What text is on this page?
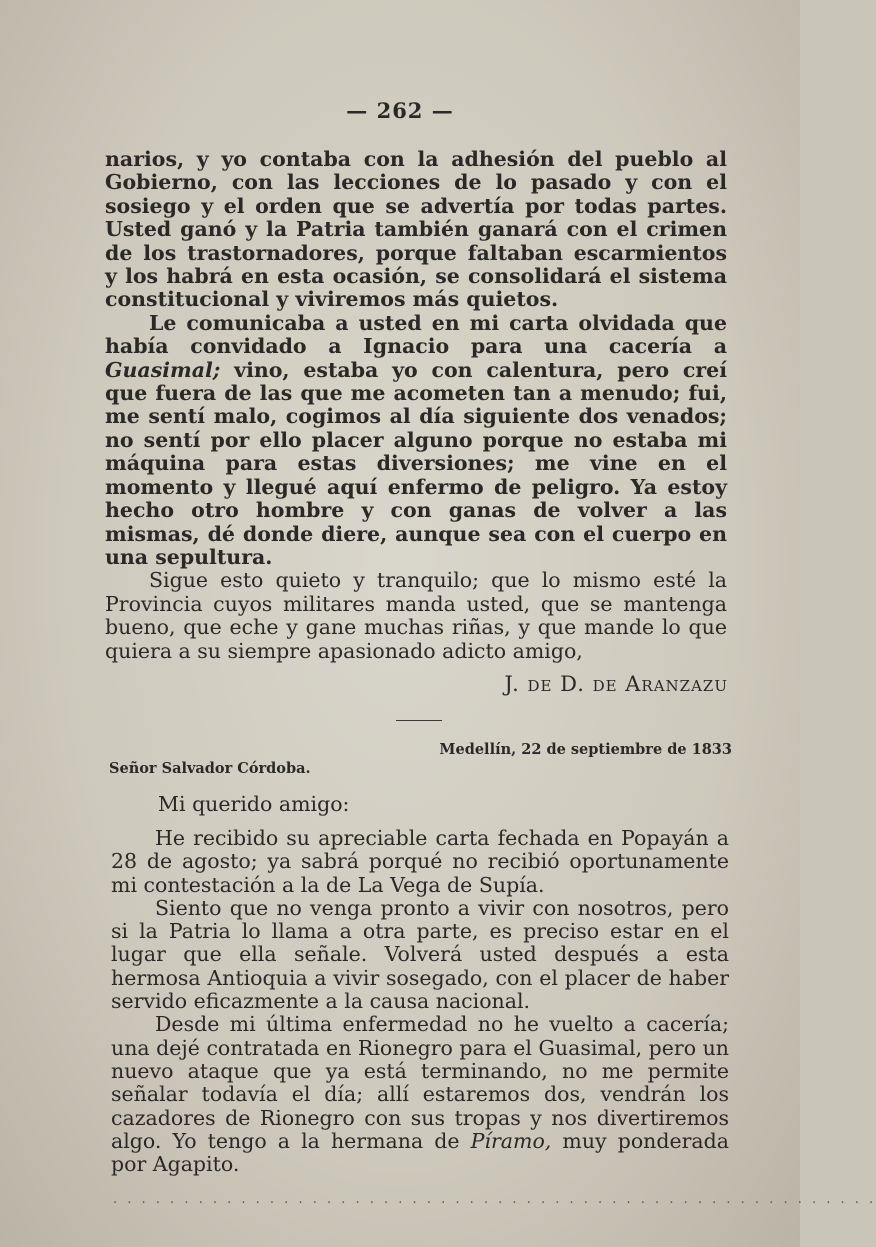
— 262 —

narios, y yo contaba con la adhesión del pueblo al Gobierno, con las lecciones de lo pasado y con el sosiego y el orden que se advertía por todas partes. Usted ganó y la Patria también ganará con el crimen de los trastornadores, porque faltaban escarmientos y los habrá en esta ocasión, se consolidará el sistema constitucional y viviremos más quietos.

Le comunicaba a usted en mi carta olvidada que había convidado a Ignacio para una cacería a Guasimal; vino, estaba yo con calentura, pero creí que fuera de las que me acometen tan a menudo; fui, me sentí malo, cogimos al día siguiente dos venados; no sentí por ello placer alguno porque no estaba mi máquina para estas diversiones; me vine en el momento y llegué aquí enfermo de peligro. Ya estoy hecho otro hombre y con ganas de volver a las mismas, dé donde diere, aunque sea con el cuerpo en una sepultura.

Sigue esto quieto y tranquilo; que lo mismo esté la Provincia cuyos militares manda usted, que se mantenga bueno, que eche y gane muchas riñas, y que mande lo que quiera a su siempre apasionado adicto amigo,

J. de D. de Aranzazu
Medellín, 22 de septiembre de 1833
Señor Salvador Córdoba.
Mi querido amigo:

He recibido su apreciable carta fechada en Popayán a 28 de agosto; ya sabrá porqué no recibió oportunamente mi contestación a la de La Vega de Supía.

Siento que no venga pronto a vivir con nosotros, pero si la Patria lo llama a otra parte, es preciso estar en el lugar que ella señale. Volverá usted después a esta hermosa Antioquia a vivir sosegado, con el placer de haber servido eficazmente a la causa nacional.

Desde mi última enfermedad no he vuelto a cacería; una dejé contratada en Rionegro para el Guasimal, pero un nuevo ataque que ya está terminando, no me permite señalar todavía el día; allí estaremos dos, vendrán los cazadores de Rionegro con sus tropas y nos divertiremos algo. Yo tengo a la hermana de Píramo, muy ponderada por Agapito.

. . . . . . . . . . . . . . . . . . . . . . . . . . . . . . . . . . . . . . . . . . . . . . . . . . . . . .
